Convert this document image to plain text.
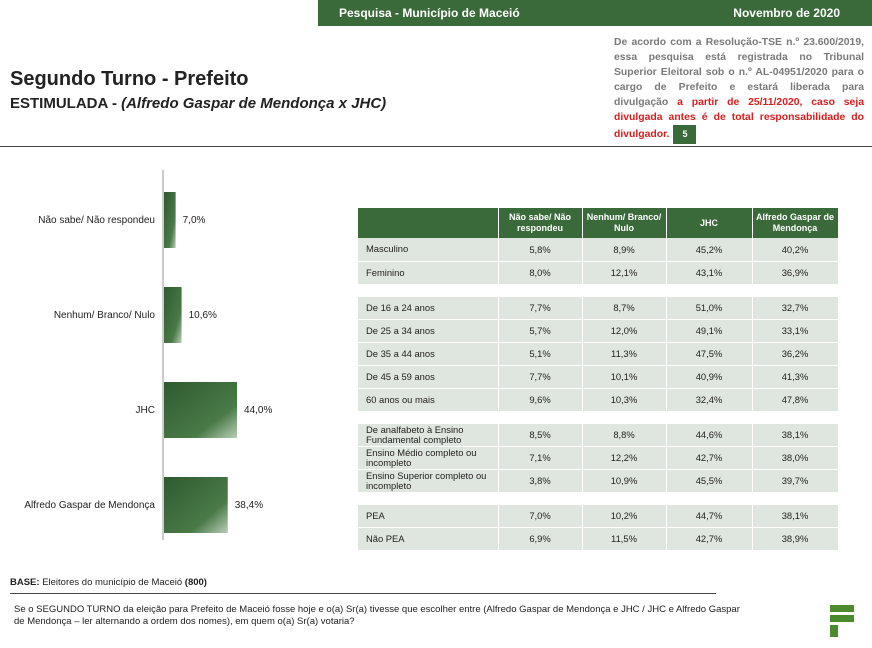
Pesquisa - Município de Maceió	Novembro de 2020
De acordo com a Resolução-TSE n.º 23.600/2019, essa pesquisa está registrada no Tribunal Superior Eleitoral sob o n.º AL-04951/2020 para o cargo de Prefeito e estará liberada para divulgação a partir de 25/11/2020, caso seja divulgada antes é de total responsabilidade do divulgador. 5
Segundo Turno - Prefeito
ESTIMULADA - (Alfredo Gaspar de Mendonça x JHC)
Não sabe/ Não respondeu	7,0%
Nenhum/ Branco/ Nulo	10,6%
JHC	44,0%
Alfredo Gaspar de Mendonça	38,4%
	Não sabe/ Não respondeu	Nenhum/ Branco/ Nulo	JHC	Alfredo Gaspar de Mendonça
Masculino	5,8%	8,9%	45,2%	40,2%
Feminino	8,0%	12,1%	43,1%	36,9%

De 16 a 24 anos	7,7%	8,7%	51,0%	32,7%
De 25 a 34 anos	5,7%	12,0%	49,1%	33,1%
De 35 a 44 anos	5,1%	11,3%	47,5%	36,2%
De 45 a 59 anos	7,7%	10,1%	40,9%	41,3%
60 anos ou mais	9,6%	10,3%	32,4%	47,8%

De analfabeto à Ensino Fundamental completo	8,5%	8,8%	44,6%	38,1%
Ensino Médio completo ou incompleto	7,1%	12,2%	42,7%	38,0%
Ensino Superior completo ou incompleto	3,8%	10,9%	45,5%	39,7%

PEA	7,0%	10,2%	44,7%	38,1%
Não PEA	6,9%	11,5%	42,7%	38,9%
BASE: Eleitores do município de Maceió (800)
Se o SEGUNDO TURNO da eleição para Prefeito de Maceió fosse hoje e o(a) Sr(a) tivesse que escolher entre (Alfredo Gaspar de Mendonça e JHC / JHC e Alfredo Gaspar de Mendonça – ler alternando a ordem dos nomes), em quem o(a) Sr(a) votaria?
